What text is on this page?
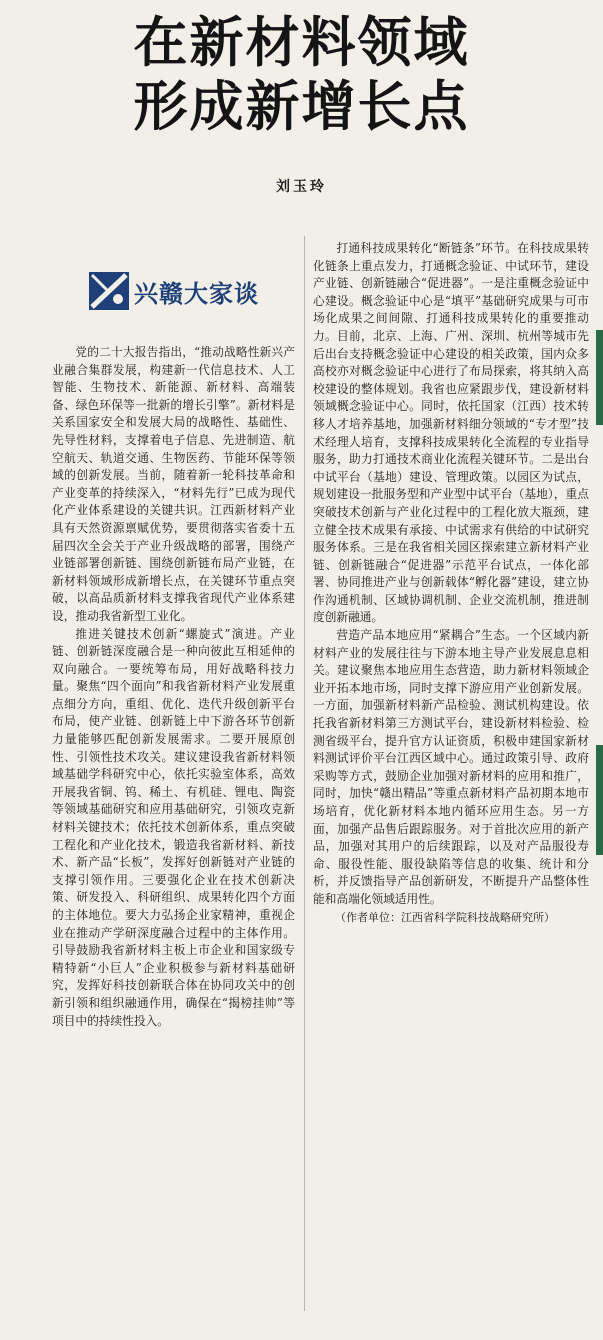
在新材料领域
形成新增长点
刘玉玲
兴赣大家谈

党的二十大报告指出，“推动战略性新兴产业融合集群发展，构建新一代信息技术、人工智能、生物技术、新能源、新材料、高端装备、绿色环保等一批新的增长引擎”。新材料是关系国家安全和发展大局的战略性、基础性、先导性材料，支撑着电子信息、先进制造、航空航天、轨道交通、生物医药、节能环保等领域的创新发展。当前，随着新一轮科技革命和产业变革的持续深入，“材料先行”已成为现代化产业体系建设的关键共识。江西新材料产业具有天然资源禀赋优势，要贯彻落实省委十五届四次全会关于产业升级战略的部署，围绕产业链部署创新链、围绕创新链布局产业链，在新材料领域形成新增长点，在关键环节重点突破，以高品质新材料支撑我省现代产业体系建设，推动我省新型工业化。

推进关键技术创新“螺旋式”演进。产业链、创新链深度融合是一种向彼此互相延伸的双向融合。一要统筹布局，用好战略科技力量。聚焦“四个面向”和我省新材料产业发展重点细分方向，重组、优化、迭代升级创新平台布局，使产业链、创新链上中下游各环节创新力量能够匹配创新发展需求。二要开展原创性、引领性技术攻关。建议建设我省新材料领域基础学科研究中心，依托实验室体系，高效开展我省铜、钨、稀土、有机硅、锂电、陶瓷等领域基础研究和应用基础研究，引领攻克新材料关键技术；依托技术创新体系，重点突破工程化和产业化技术，锻造我省新材料、新技术、新产品“长板”，发挥好创新链对产业链的支撑引领作用。三要强化企业在技术创新决策、研发投入、科研组织、成果转化四个方面的主体地位。要大力弘扬企业家精神，重视企业在推动产学研深度融合过程中的主体作用。引导鼓励我省新材料主板上市企业和国家级专精特新“小巨人”企业积极参与新材料基础研究，发挥好科技创新联合体在协同攻关中的创新引领和组织融通作用，确保在“揭榜挂帅”等项目中的持续性投入。

打通科技成果转化“断链条”环节。在科技成果转化链条上重点发力，打通概念验证、中试环节，建设产业链、创新链融合“促进器”。一是注重概念验证中心建设。概念验证中心是“填平”基础研究成果与可市场化成果之间间隙、打通科技成果转化的重要推动力。目前，北京、上海、广州、深圳、杭州等城市先后出台支持概念验证中心建设的相关政策，国内众多高校亦对概念验证中心进行了布局探索，将其纳入高校建设的整体规划。我省也应紧跟步伐，建设新材料领域概念验证中心。同时，依托国家（江西）技术转移人才培养基地，加强新材料细分领域的“专才型”技术经理人培育，支撑科技成果转化全流程的专业指导服务，助力打通技术商业化流程关键环节。二是出台中试平台（基地）建设、管理政策。以园区为试点，规划建设一批服务型和产业型中试平台（基地），重点突破技术创新与产业化过程中的工程化放大瓶颈，建立健全技术成果有承接、中试需求有供给的中试研究服务体系。三是在我省相关园区探索建立新材料产业链、创新链融合“促进器”示范平台试点，一体化部署、协同推进产业与创新载体“孵化器”建设，建立协作沟通机制、区域协调机制、企业交流机制，推进制度创新融通。

营造产品本地应用“紧耦合”生态。一个区域内新材料产业的发展往往与下游本地主导产业发展息息相关。建议聚焦本地应用生态营造，助力新材料领域企业开拓本地市场，同时支撑下游应用产业创新发展。一方面，加强新材料新产品检验、测试机构建设。依托我省新材料第三方测试平台，建设新材料检验、检测省级平台，提升官方认证资质，积极申建国家新材料测试评价平台江西区域中心。通过政策引导、政府采购等方式，鼓励企业加强对新材料的应用和推广，同时，加快“赣出精品”等重点新材料产品初期本地市场培育，优化新材料本地内循环应用生态。另一方面，加强产品售后跟踪服务。对于首批次应用的新产品，加强对其用户的后续跟踪，以及对产品服役寿命、服役性能、服役缺陷等信息的收集、统计和分析，并反馈指导产品创新研发，不断提升产品整体性能和高端化领域适用性。

（作者单位：江西省科学院科技战略研究所）
